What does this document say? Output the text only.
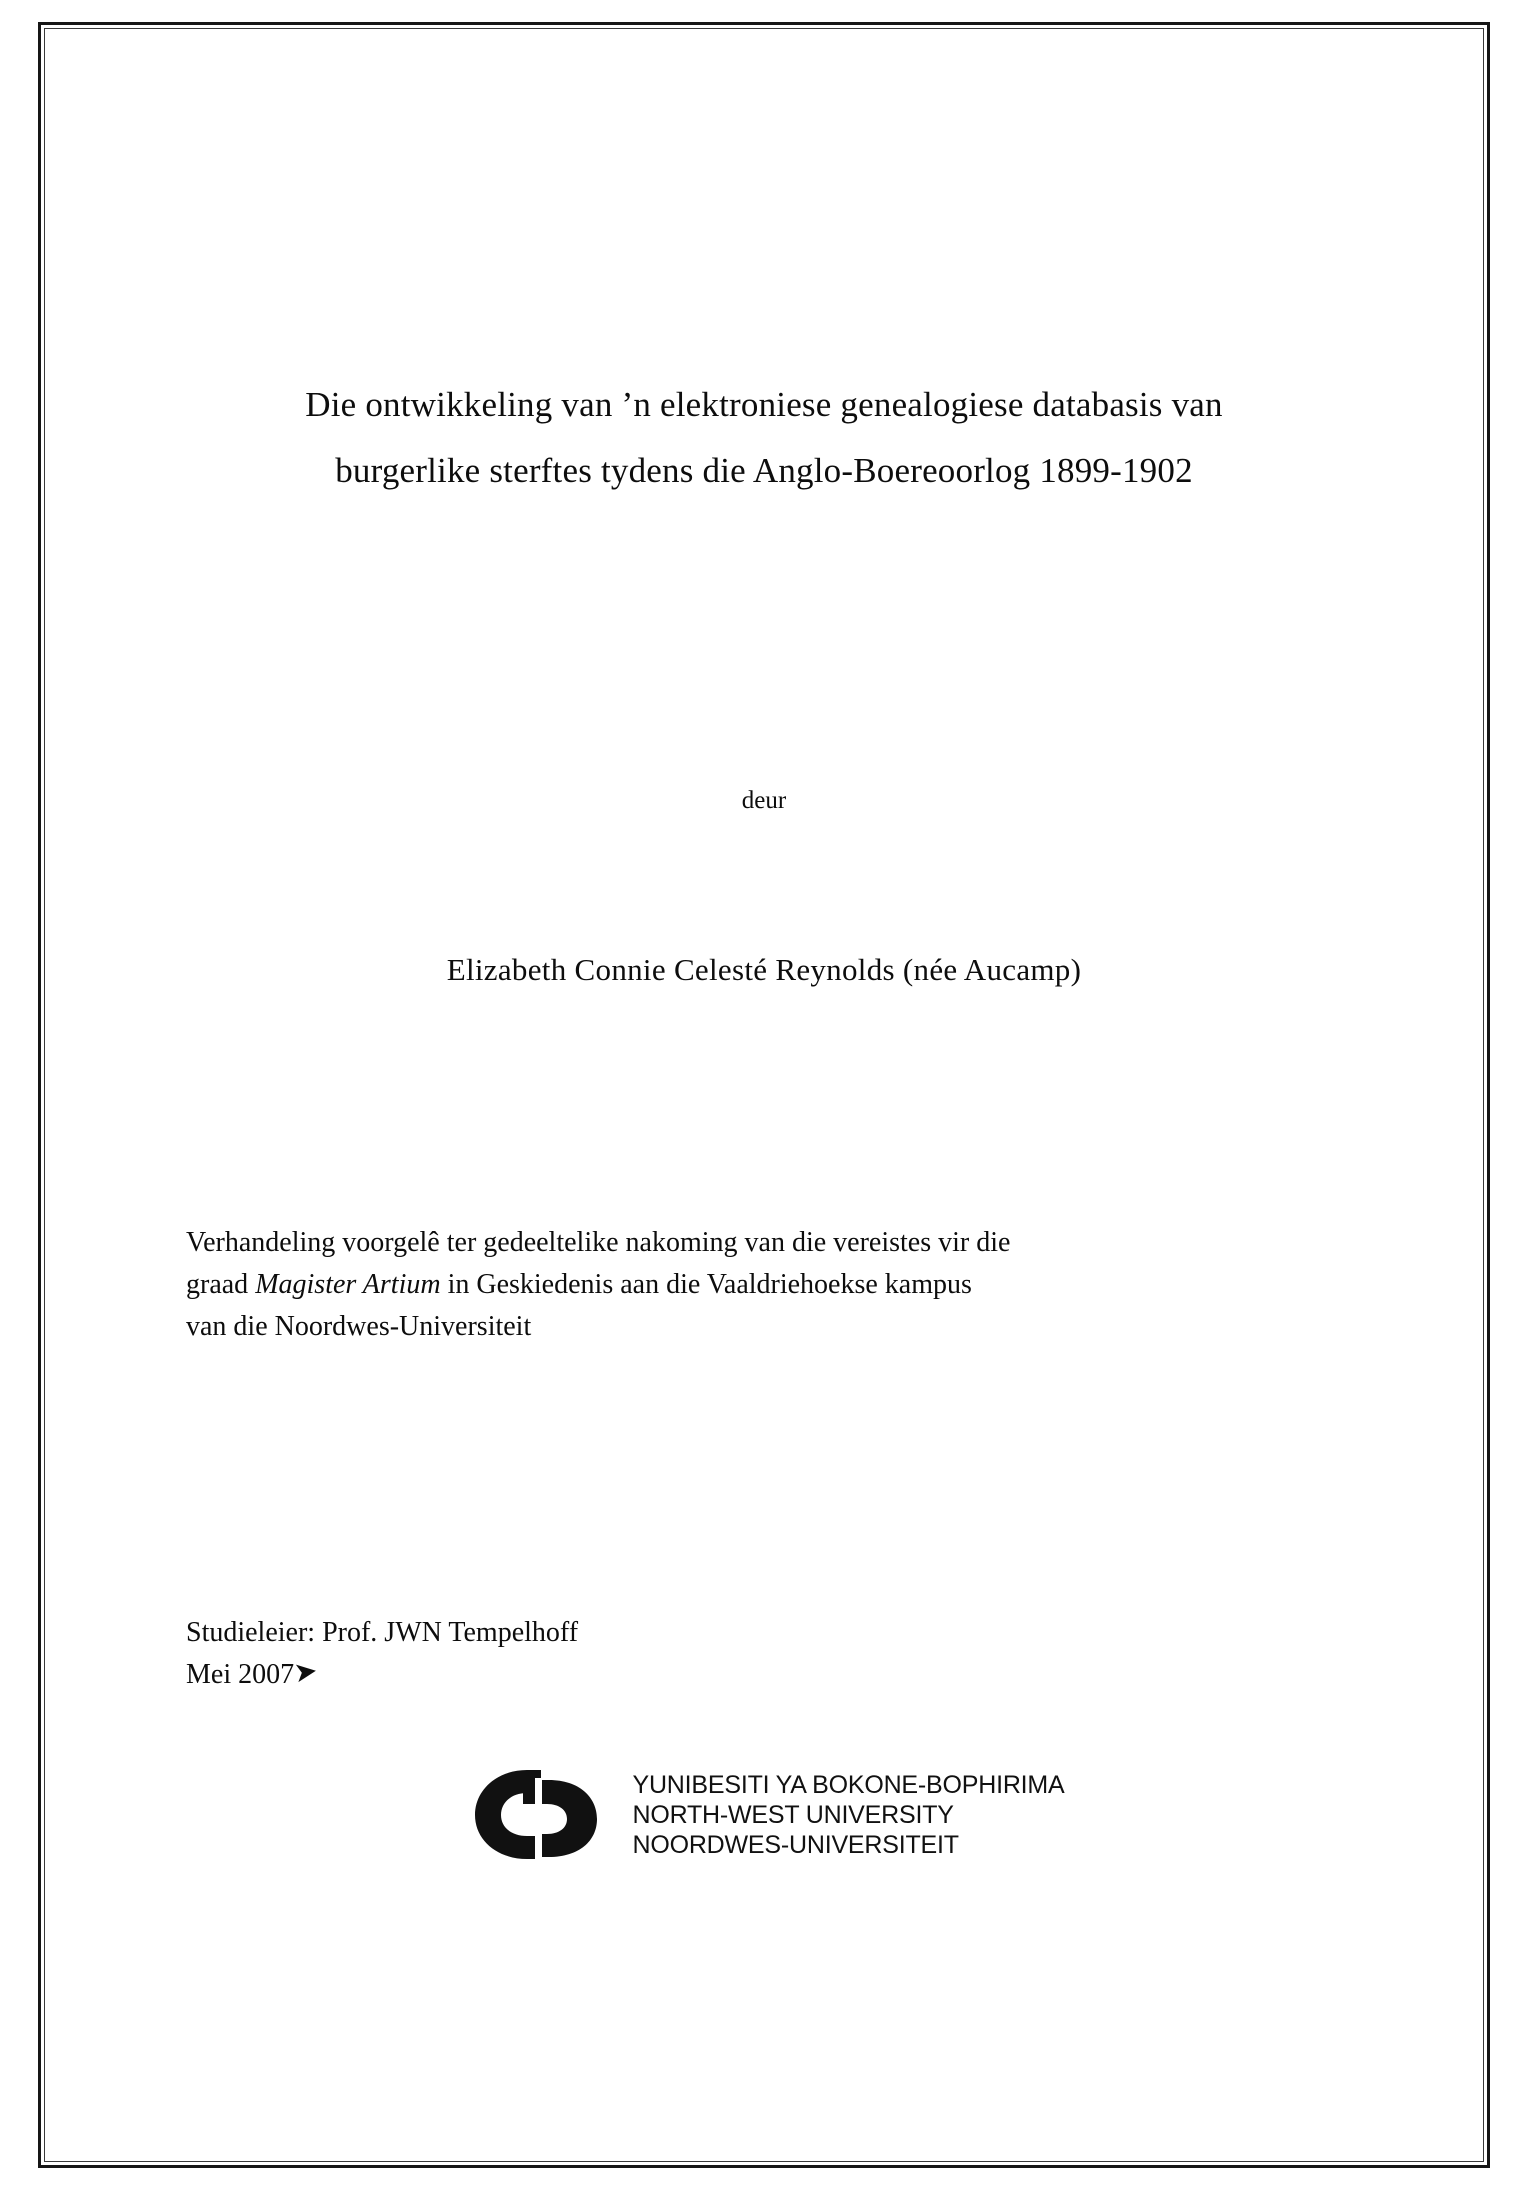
Die ontwikkeling van ’n elektroniese genealogiese databasis van
burgerlike sterftes tydens die Anglo-Boereoorlog 1899-1902
deur
Elizabeth Connie Celesté Reynolds (née Aucamp)
Verhandeling voorgelê ter gedeeltelike nakoming van die vereistes vir die
graad Magister Artium in Geskiedenis aan die Vaaldriehoekse kampus
van die Noordwes-Universiteit
Studieleier: Prof. JWN Tempelhoff
Mei 2007➤
YUNIBESITI YA BOKONE-BOPHIRIMA
NORTH-WEST UNIVERSITY
NOORDWES-UNIVERSITEIT
